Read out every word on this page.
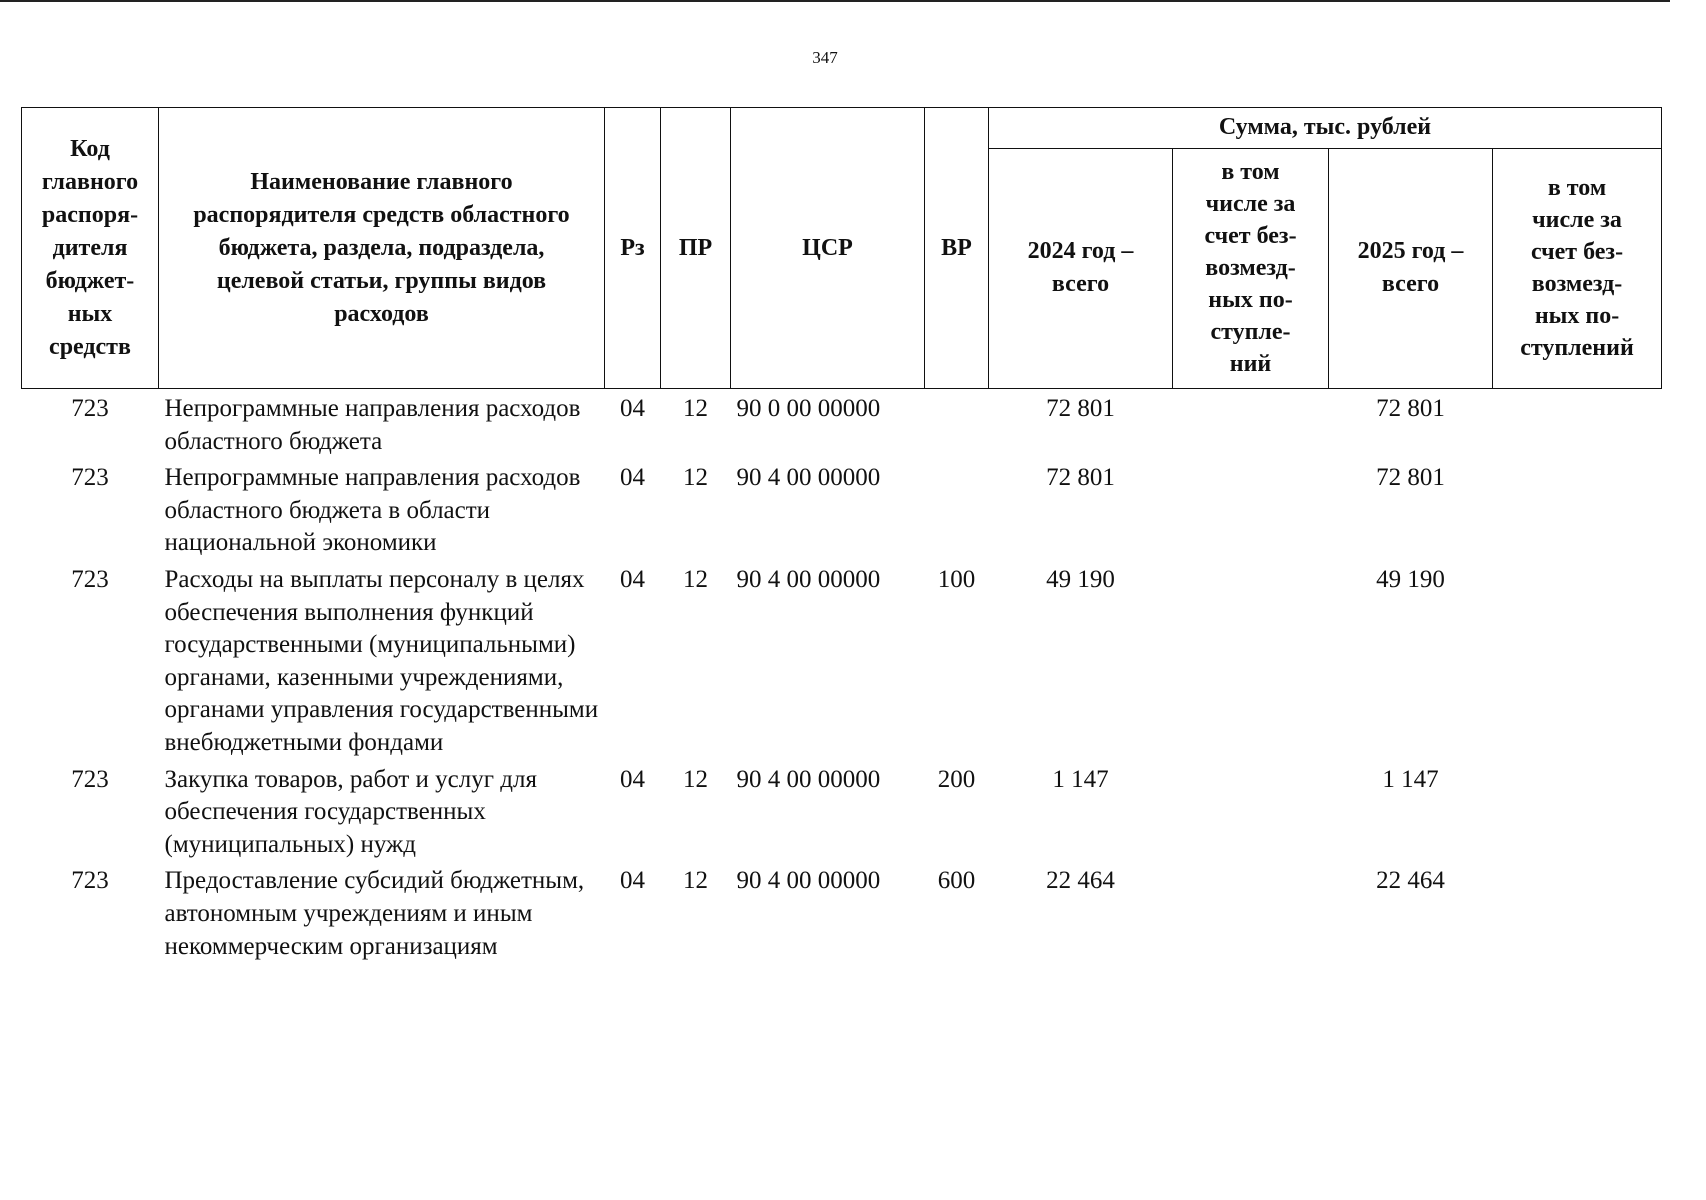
347
Код главного распоря-дителя бюджет-ных средств	Наименование главного распорядителя средств областного бюджета, раздела, подраздела, целевой статьи, группы видов расходов	Рз	ПР	ЦСР	ВР	Сумма, тыс. рублей			
						2024 год – всего	в том числе за счет без-возмезд-ных по-ступле-ний	2025 год – всего	в том числе за счет без-возмезд-ных по-ступлений
723	Непрограммные направления расходов областного бюджета	04	12	90 0 00 00000		72 801		72 801	
723	Непрограммные направления расходов областного бюджета в области национальной экономики	04	12	90 4 00 00000		72 801		72 801	
723	Расходы на выплаты персоналу в целях обеспечения выполнения функций государственными (муниципальными) органами, казенными учреждениями, органами управления государственными внебюджетными фондами	04	12	90 4 00 00000	100	49 190		49 190	
723	Закупка товаров, работ и услуг для обеспечения государственных (муниципальных) нужд	04	12	90 4 00 00000	200	1 147		1 147	
723	Предоставление субсидий бюджетным, автономным учреждениям и иным некоммерческим организациям	04	12	90 4 00 00000	600	22 464		22 464	
